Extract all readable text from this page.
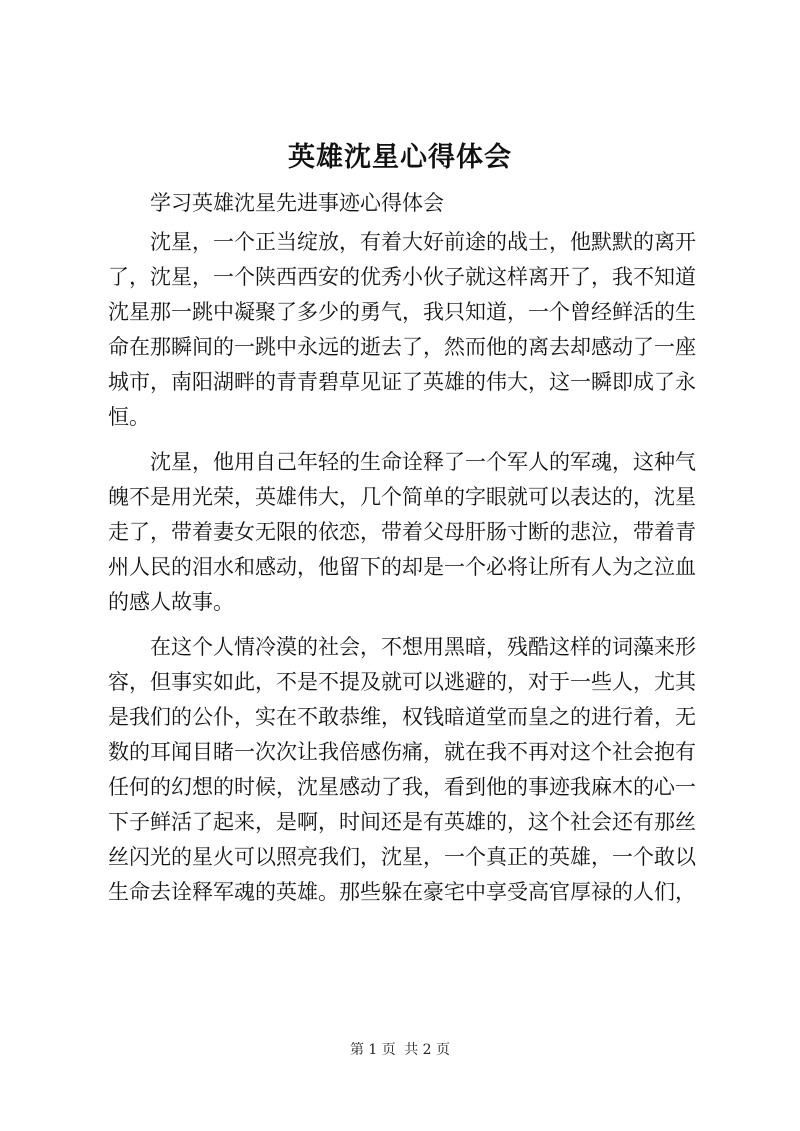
英雄沈星心得体会

学习英雄沈星先进事迹心得体会

沈星，一个正当绽放，有着大好前途的战士，他默默的离开了，沈星，一个陕西西安的优秀小伙子就这样离开了，我不知道沈星那一跳中凝聚了多少的勇气，我只知道，一个曾经鲜活的生命在那瞬间的一跳中永远的逝去了，然而他的离去却感动了一座城市，南阳湖畔的青青碧草见证了英雄的伟大，这一瞬即成了永恒。

沈星，他用自己年轻的生命诠释了一个军人的军魂，这种气魄不是用光荣，英雄伟大，几个简单的字眼就可以表达的，沈星走了，带着妻女无限的依恋，带着父母肝肠寸断的悲泣，带着青州人民的泪水和感动，他留下的却是一个必将让所有人为之泣血的感人故事。

在这个人情冷漠的社会，不想用黑暗，残酷这样的词藻来形容，但事实如此，不是不提及就可以逃避的，对于一些人，尤其是我们的公仆，实在不敢恭维，权钱暗道堂而皇之的进行着，无数的耳闻目睹一次次让我倍感伤痛，就在我不再对这个社会抱有任何的幻想的时候，沈星感动了我，看到他的事迹我麻木的心一下子鲜活了起来，是啊，时间还是有英雄的，这个社会还有那丝丝闪光的星火可以照亮我们，沈星，一个真正的英雄，一个敢以生命去诠释军魂的英雄。那些躲在豪宅中享受高官厚禄的人们，

第 1 页 共 2 页
